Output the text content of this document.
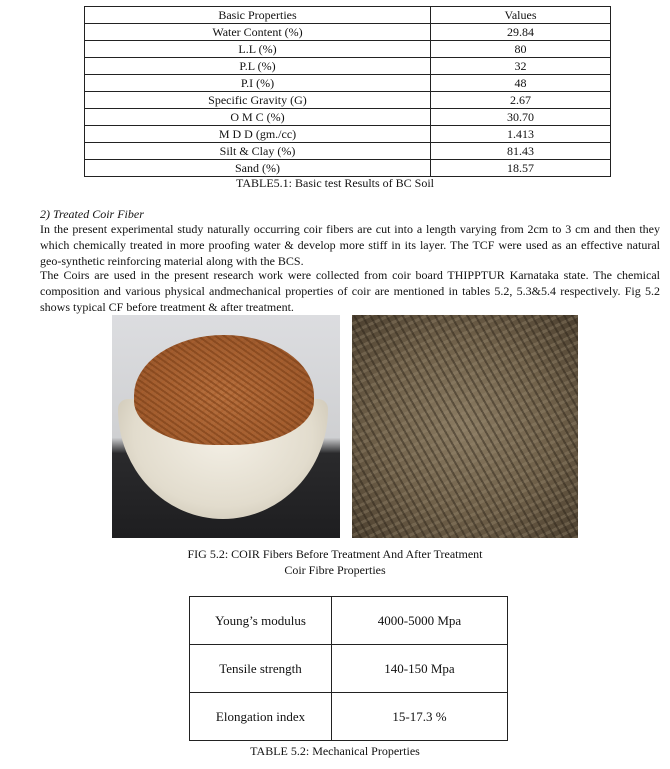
Basic Properties	Values
Water Content (%)	29.84
L.L (%)	80
P.L (%)	32
P.I (%)	48
Specific Gravity (G)	2.67
O M C (%)	30.70
M D D (gm./cc)	1.413
Silt & Clay (%)	81.43
Sand (%)	18.57
TABLE5.1: Basic test Results of BC Soil
2) Treated Coir Fiber
In the present experimental study naturally occurring coir fibers are cut into a length varying from 2cm to 3 cm and then they which chemically treated in more proofing water & develop more stiff in its layer. The TCF were used as an effective natural geo-synthetic reinforcing material along with the BCS.
The Coirs are used in the present research work were collected from coir board THIPPTUR Karnataka state. The chemical composition and various physical andmechanical properties of coir are mentioned in tables 5.2, 5.3&5.4 respectively. Fig 5.2 shows typical CF before treatment & after treatment.
FIG 5.2: COIR Fibers Before Treatment And After Treatment
Coir Fibre Properties
Young’s modulus	4000-5000 Mpa
Tensile strength	140-150 Mpa
Elongation index	15-17.3 %
TABLE 5.2: Mechanical Properties
